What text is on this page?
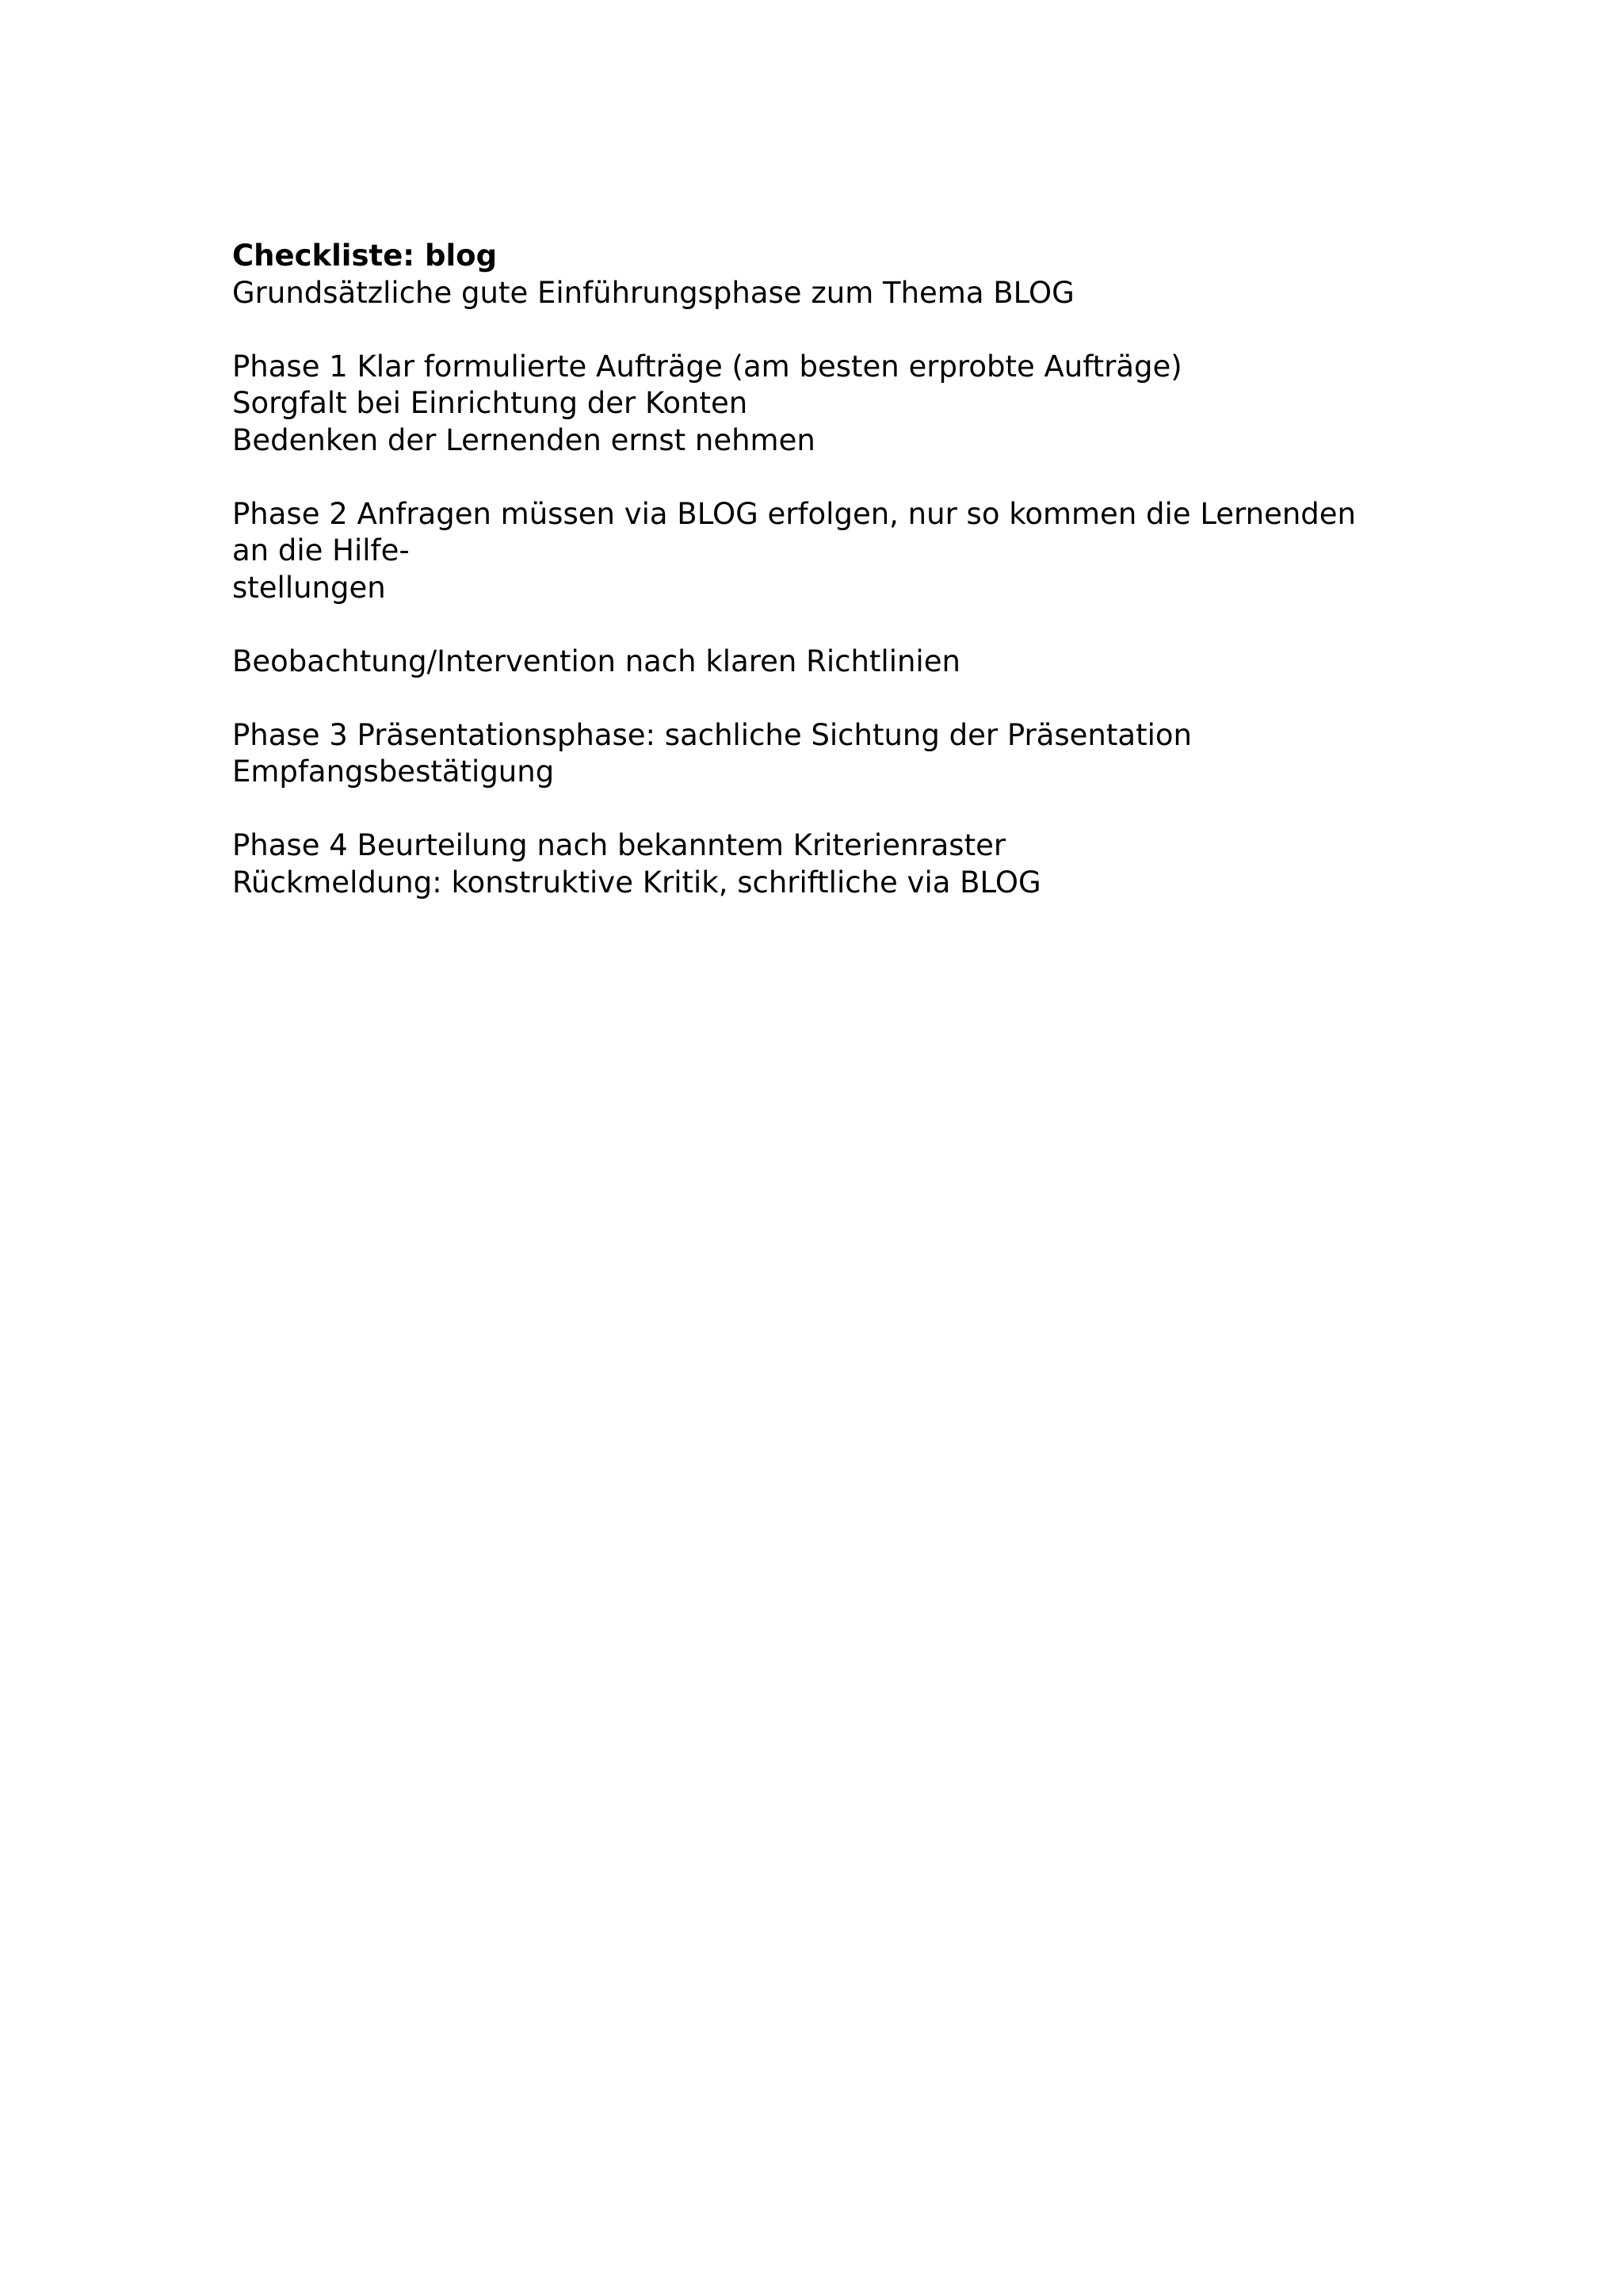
Checkliste: blog
Grundsätzliche gute Einführungsphase zum Thema BLOG
Phase 1 Klar formulierte Aufträge (am besten erprobte Aufträge)
Sorgfalt bei Einrichtung der Konten
Bedenken der Lernenden ernst nehmen
Phase 2 Anfragen müssen via BLOG erfolgen, nur so kommen die Lernenden
an die Hilfe-
stellungen
Beobachtung/Intervention nach klaren Richtlinien
Phase 3 Präsentationsphase: sachliche Sichtung der Präsentation
Empfangsbestätigung
Phase 4 Beurteilung nach bekanntem Kriterienraster
Rückmeldung: konstruktive Kritik, schriftliche via BLOG
